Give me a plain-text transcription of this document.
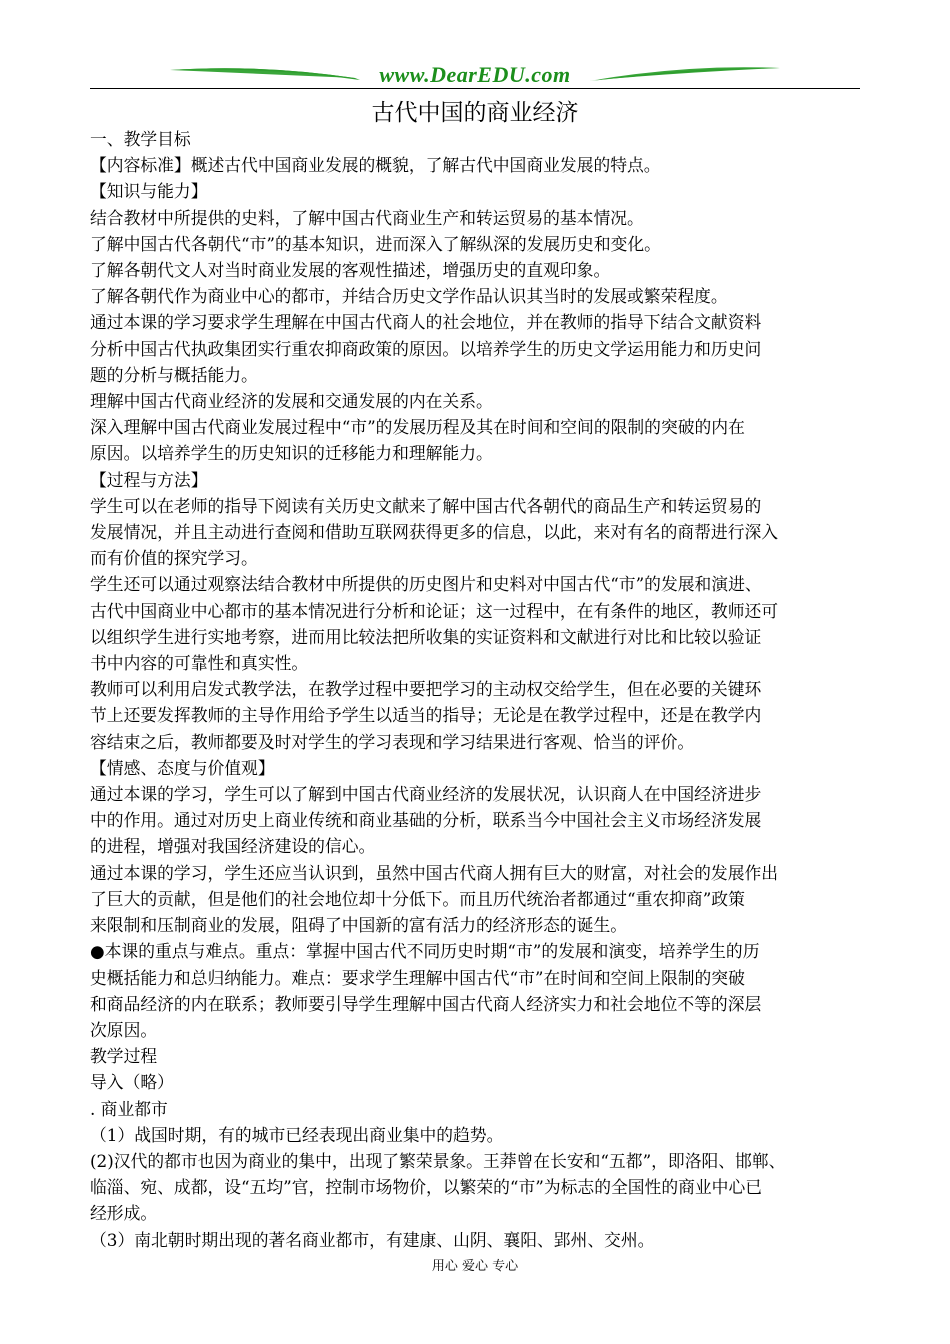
www.DearEDU.com
古代中国的商业经济

一、教学目标

【内容标准】概述古代中国商业发展的概貌，了解古代中国商业发展的特点。

【知识与能力】

结合教材中所提供的史料，了解中国古代商业生产和转运贸易的基本情况。

了解中国古代各朝代“市”的基本知识，进而深入了解纵深的发展历史和变化。

了解各朝代文人对当时商业发展的客观性描述，增强历史的直观印象。

了解各朝代作为商业中心的都市，并结合历史文学作品认识其当时的发展或繁荣程度。

通过本课的学习要求学生理解在中国古代商人的社会地位，并在教师的指导下结合文献资料

分析中国古代执政集团实行重农抑商政策的原因。以培养学生的历史文学运用能力和历史问

题的分析与概括能力。

理解中国古代商业经济的发展和交通发展的内在关系。

深入理解中国古代商业发展过程中“市”的发展历程及其在时间和空间的限制的突破的内在

原因。以培养学生的历史知识的迁移能力和理解能力。

【过程与方法】

学生可以在老师的指导下阅读有关历史文献来了解中国古代各朝代的商品生产和转运贸易的

发展情况，并且主动进行查阅和借助互联网获得更多的信息，以此，来对有名的商帮进行深入

而有价值的探究学习。

学生还可以通过观察法结合教材中所提供的历史图片和史料对中国古代“市”的发展和演进、

古代中国商业中心都市的基本情况进行分析和论证；这一过程中，在有条件的地区，教师还可

以组织学生进行实地考察，进而用比较法把所收集的实证资料和文献进行对比和比较以验证

书中内容的可靠性和真实性。

教师可以利用启发式教学法，在教学过程中要把学习的主动权交给学生，但在必要的关键环

节上还要发挥教师的主导作用给予学生以适当的指导；无论是在教学过程中，还是在教学内

容结束之后，教师都要及时对学生的学习表现和学习结果进行客观、恰当的评价。

【情感、态度与价值观】

通过本课的学习，学生可以了解到中国古代商业经济的发展状况，认识商人在中国经济进步

中的作用。通过对历史上商业传统和商业基础的分析，联系当今中国社会主义市场经济发展

的进程，增强对我国经济建设的信心。

通过本课的学习，学生还应当认识到，虽然中国古代商人拥有巨大的财富，对社会的发展作出

了巨大的贡献，但是他们的社会地位却十分低下。而且历代统治者都通过“重农抑商”政策

来限制和压制商业的发展，阻碍了中国新的富有活力的经济形态的诞生。

●本课的重点与难点。重点：掌握中国古代不同历史时期“市”的发展和演变，培养学生的历

史概括能力和总归纳能力。难点：要求学生理解中国古代“市”在时间和空间上限制的突破

和商品经济的内在联系；教师要引导学生理解中国古代商人经济实力和社会地位不等的深层

次原因。

教学过程

导入（略）

. 商业都市

（1）战国时期，有的城市已经表现出商业集中的趋势。

(2)汉代的都市也因为商业的集中，出现了繁荣景象。王莽曾在长安和“五都”，即洛阳、邯郸、

临淄、宛、成都，设“五均”官，控制市场物价，以繁荣的“市”为标志的全国性的商业中心已

经形成。

（3）南北朝时期出现的著名商业都市，有建康、山阴、襄阳、郢州、交州。

用心 爱心 专心
